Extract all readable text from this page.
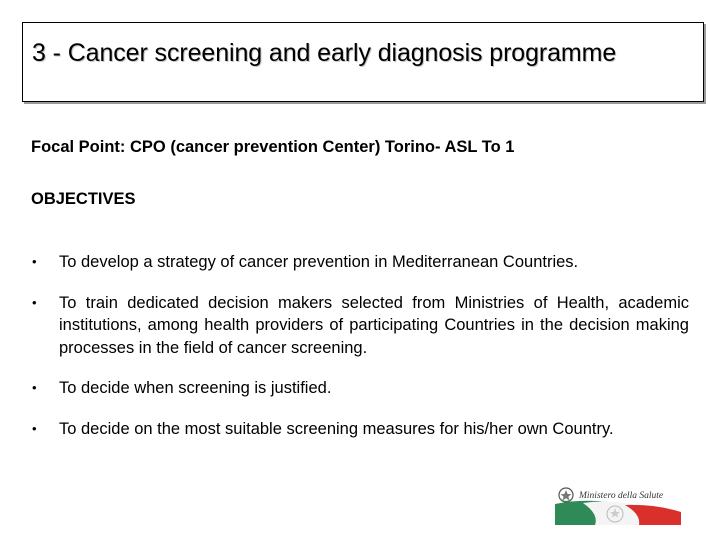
3 - Cancer screening and early diagnosis programme
Focal Point: CPO (cancer prevention Center) Torino- ASL To 1
OBJECTIVES
• To develop a strategy of cancer prevention in Mediterranean Countries.
• To train dedicated decision makers selected from Ministries of Health, academic institutions, among health providers of participating Countries in the decision making processes in the field of cancer screening.
• To decide when screening is justified.
• To decide on the most suitable screening measures for his/her own Country.
Ministero della Salute
